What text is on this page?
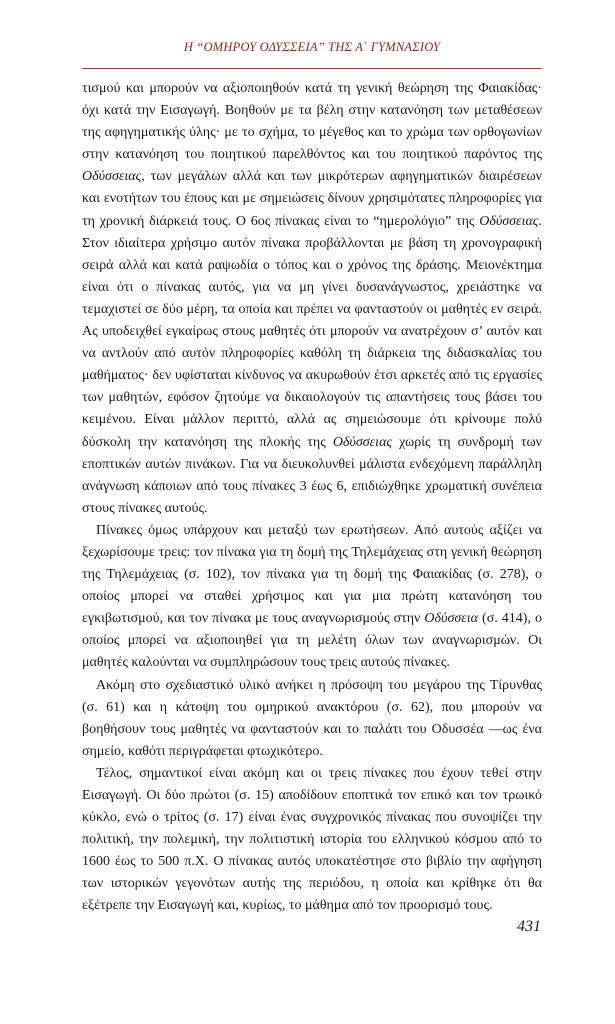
Η “ΟΜΗΡΟΥ ΟΔΥΣΣΕΙΑ” ΤΗΣ Α΄ ΓΥΜΝΑΣΙΟΥ

τισμού και μπορούν να αξιοποιηθούν κατά τη γενική θεώρηση της Φαιακίδας· όχι κατά την Εισαγωγή. Βοηθούν με τα βέλη στην κατανόηση των μεταθέσεων της αφηγηματικής ύλης· με το σχήμα, το μέγεθος και το χρώμα των ορθογωνίων στην κατανόηση του ποιητικού παρελθόντος και του ποιητικού παρόντος της Οδύσσειας, των μεγάλων αλλά και των μικρότερων αφηγηματικών διαιρέσεων και ενοτήτων του έπους και με σημειώσεις δίνουν χρησιμότατες πληροφορίες για τη χρονική διάρκειά τους. Ο 6ος πίνακας είναι το “ημερολόγιο” της Οδύσσειας. Στον ιδιαίτερα χρήσιμο αυτόν πίνακα προβάλλονται με βάση τη χρονογραφική σειρά αλλά και κατά ραψωδία ο τόπος και ο χρόνος της δράσης. Μειονέκτημα είναι ότι ο πίνακας αυτός, για να μη γίνει δυσανάγνωστος, χρειάστηκε να τεμαχιστεί σε δύο μέρη, τα οποία και πρέπει να φανταστούν οι μαθητές εν σειρά. Ας υποδειχθεί εγκαίρως στους μαθητές ότι μπορούν να ανατρέχουν σ’ αυτόν και να αντλούν από αυτόν πληροφορίες καθόλη τη διάρκεια της διδασκαλίας του μαθήματος· δεν υφίσταται κίνδυνος να ακυρωθούν έτσι αρκετές από τις εργασίες των μαθητών, εφόσον ζητούμε να δικαιολογούν τις απαντήσεις τους βάσει του κειμένου. Είναι μάλλον περιττό, αλλά ας σημειώσουμε ότι κρίνουμε πολύ δύσκολη την κατανόηση της πλοκής της Οδύσσειας χωρίς τη συνδρομή των εποπτικών αυτών πινάκων. Για να διευκολυνθεί μάλιστα ενδεχόμενη παράλληλη ανάγνωση κάποιων από τους πίνακες 3 έως 6, επιδιώχθηκε χρωματική συνέπεια στους πίνακες αυτούς.

Πίνακες όμως υπάρχουν και μεταξύ των ερωτήσεων. Από αυτούς αξίζει να ξεχωρίσουμε τρεις: τον πίνακα για τη δομή της Τηλεμάχειας στη γενική θεώρηση της Τηλεμάχειας (σ. 102), τον πίνακα για τη δομή της Φαιακίδας (σ. 278), ο οποίος μπορεί να σταθεί χρήσιμος και για μια πρώτη κατανόηση του εγκιβωτισμού, και τον πίνακα με τους αναγνωρισμούς στην Οδύσσεια (σ. 414), ο οποίος μπορεί να αξιοποιηθεί για τη μελέτη όλων των αναγνωρισμών. Οι μαθητές καλούνται να συμπληρώσουν τους τρεις αυτούς πίνακες.

Ακόμη στο σχεδιαστικό υλικό ανήκει η πρόσοψη του μεγάρου της Τίρυνθας (σ. 61) και η κάτοψη του ομηρικού ανακτόρου (σ. 62), που μπορούν να βοηθήσουν τους μαθητές να φανταστούν και το παλάτι του Οδυσσέα —ως ένα σημείο, καθότι περιγράφεται φτωχικότερο.

Τέλος, σημαντικοί είναι ακόμη και οι τρεις πίνακες που έχουν τεθεί στην Εισαγωγή. Οι δύο πρώτοι (σ. 15) αποδίδουν εποπτικά τον επικό και τον τρωικό κύκλο, ενώ ο τρίτος (σ. 17) είναι ένας συγχρονικός πίνακας που συνοψίζει την πολιτική, την πολεμική, την πολιτιστική ιστορία του ελληνικού κόσμου από το 1600 έως το 500 π.Χ. Ο πίνακας αυτός υποκατέστησε στο βιβλίο την αφήγηση των ιστορικών γεγονότων αυτής της περιόδου, η οποία και κρίθηκε ότι θα εξέτρεπε την Εισαγωγή και, κυρίως, το μάθημα από τον προορισμό τους.

431
